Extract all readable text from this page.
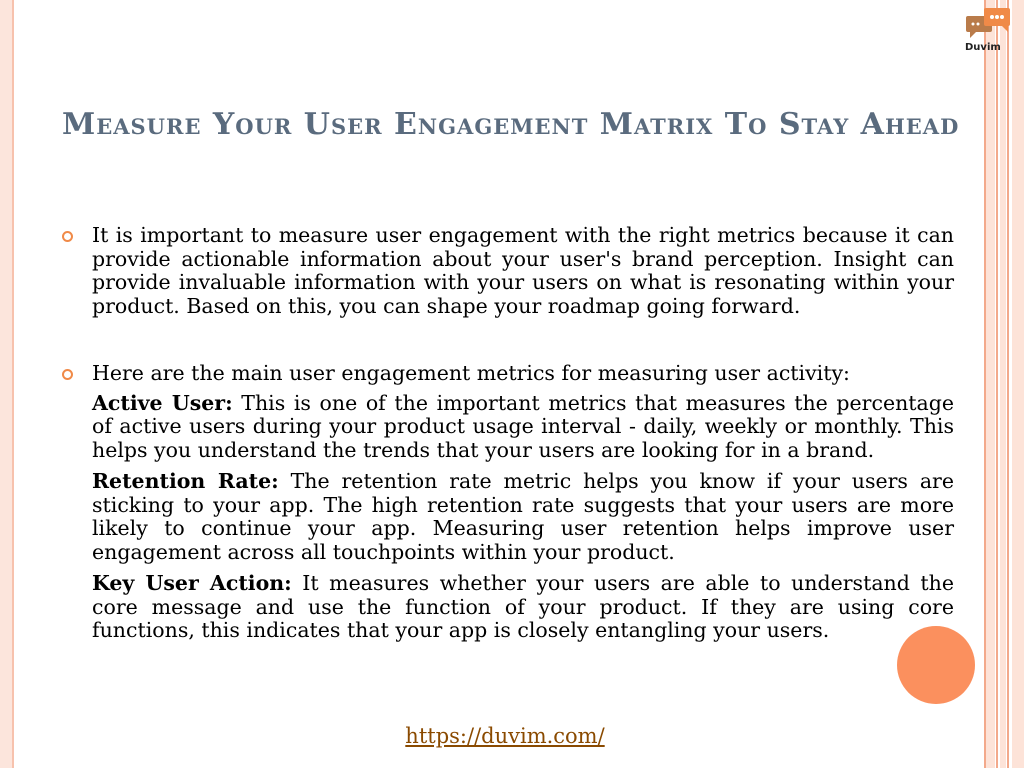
Duvim
Measure Your User Engagement Matrix To Stay Ahead
It is important to measure user engagement with the right metrics because it can provide actionable information about your user's brand perception. Insight can provide invaluable information with your users on what is resonating within your product. Based on this, you can shape your roadmap going forward.
Here are the main user engagement metrics for measuring user activity:
Active User: This is one of the important metrics that measures the percentage of active users during your product usage interval - daily, weekly or monthly. This helps you understand the trends that your users are looking for in a brand.
Retention Rate: The retention rate metric helps you know if your users are sticking to your app. The high retention rate suggests that your users are more likely to continue your app. Measuring user retention helps improve user engagement across all touchpoints within your product.
Key User Action: It measures whether your users are able to understand the core message and use the function of your product. If they are using core functions, this indicates that your app is closely entangling your users.
https://duvim.com/
